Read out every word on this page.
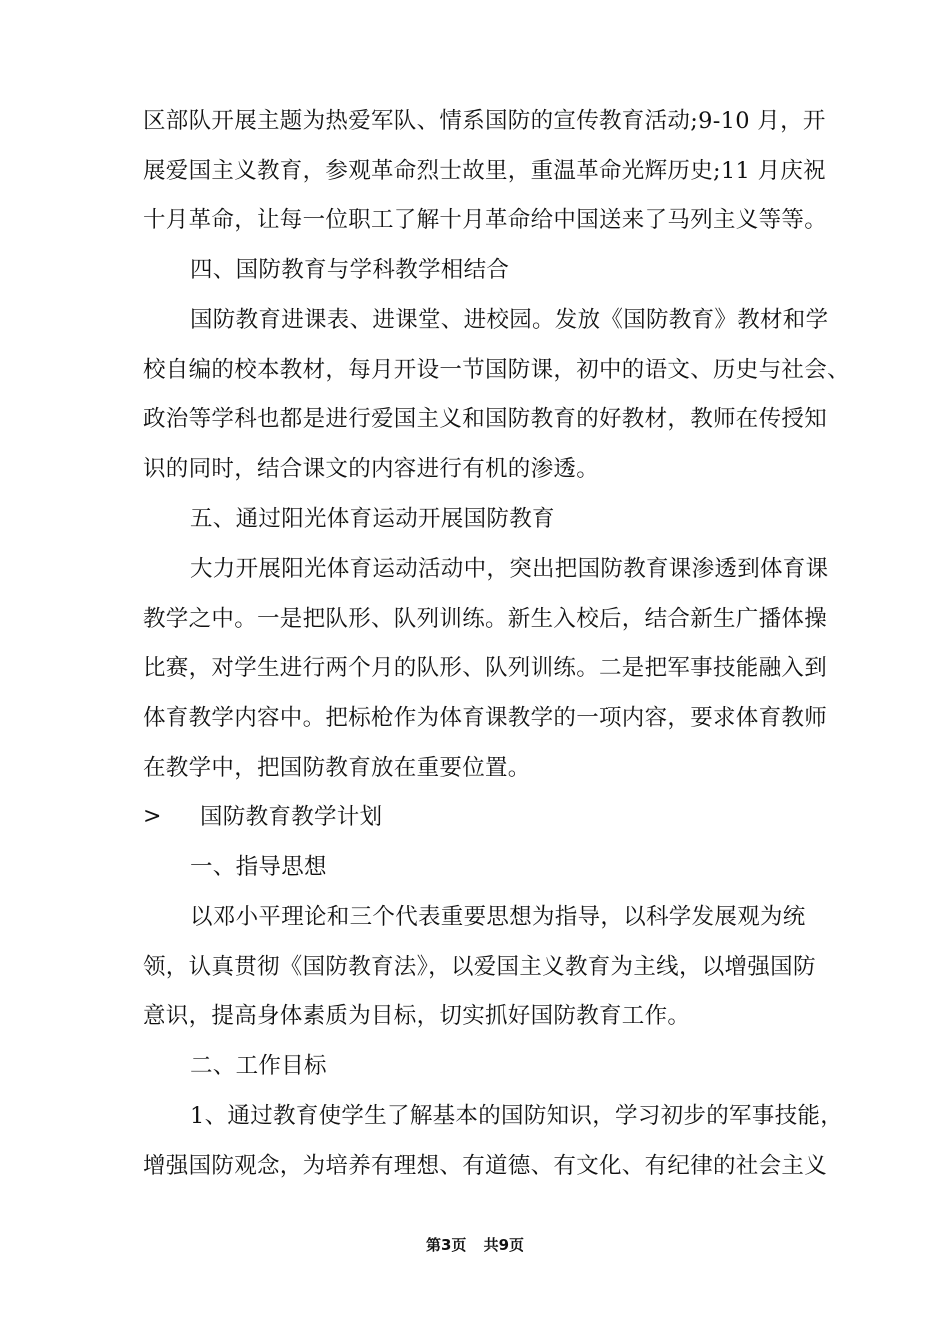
区部队开展主题为热爱军队、情系国防的宣传教育活动;9-10 月，开
展爱国主义教育，参观革命烈士故里，重温革命光辉历史;11 月庆祝
十月革命，让每一位职工了解十月革命给中国送来了马列主义等等。
四、国防教育与学科教学相结合
国防教育进课表、进课堂、进校园。发放《国防教育》教材和学
校自编的校本教材，每月开设一节国防课，初中的语文、历史与社会、
政治等学科也都是进行爱国主义和国防教育的好教材，教师在传授知
识的同时，结合课文的内容进行有机的渗透。
五、通过阳光体育运动开展国防教育
大力开展阳光体育运动活动中，突出把国防教育课渗透到体育课
教学之中。一是把队形、队列训练。新生入校后，结合新生广播体操
比赛，对学生进行两个月的队形、队列训练。二是把军事技能融入到
体育教学内容中。把标枪作为体育课教学的一项内容，要求体育教师
在教学中，把国防教育放在重要位置。
> 国防教育教学计划
一、指导思想
以邓小平理论和三个代表重要思想为指导，以科学发展观为统
领，认真贯彻《国防教育法》，以爱国主义教育为主线，以增强国防
意识，提高身体素质为目标，切实抓好国防教育工作。
二、工作目标
1、通过教育使学生了解基本的国防知识，学习初步的军事技能，
增强国防观念，为培养有理想、有道德、有文化、有纪律的社会主义
第3页 共9页
